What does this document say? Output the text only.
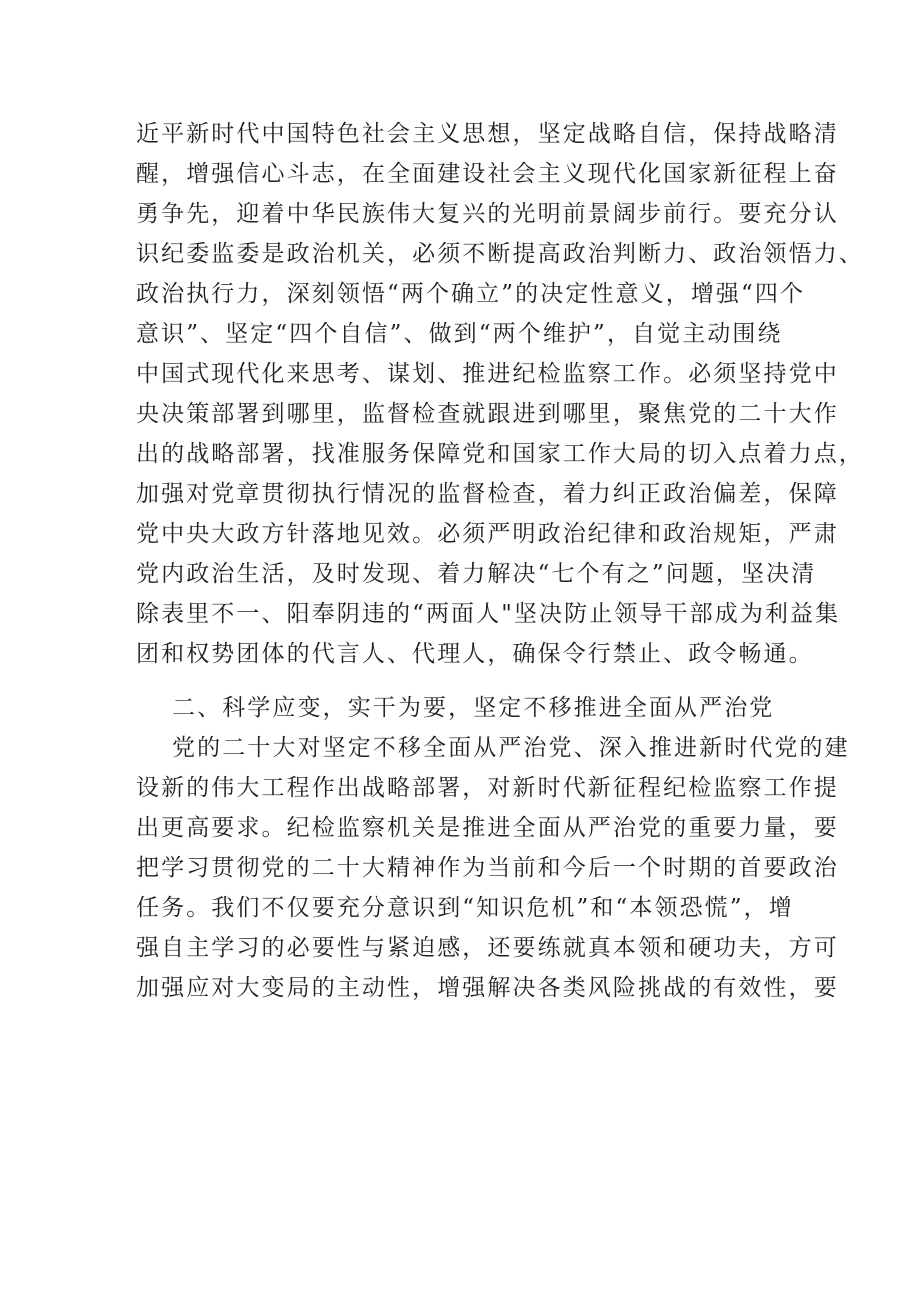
近平新时代中国特色社会主义思想，坚定战略自信，保持战略清
醒，增强信心斗志，在全面建设社会主义现代化国家新征程上奋
勇争先，迎着中华民族伟大复兴的光明前景阔步前行。要充分认
识纪委监委是政治机关，必须不断提高政治判断力、政治领悟力、
政治执行力，深刻领悟“两个确立”的决定性意义，增强“四个
意识”、坚定“四个自信”、做到“两个维护”，自觉主动围绕
中国式现代化来思考、谋划、推进纪检监察工作。必须坚持党中
央决策部署到哪里，监督检查就跟进到哪里，聚焦党的二十大作
出的战略部署，找准服务保障党和国家工作大局的切入点着力点，
加强对党章贯彻执行情况的监督检查，着力纠正政治偏差，保障
党中央大政方针落地见效。必须严明政治纪律和政治规矩，严肃
党内政治生活，及时发现、着力解决“七个有之”问题，坚决清
除表里不一、阳奉阴违的“两面人"坚决防止领导干部成为利益集
团和权势团体的代言人、代理人，确保令行禁止、政令畅通。
二、科学应变，实干为要，坚定不移推进全面从严治党
党的二十大对坚定不移全面从严治党、深入推进新时代党的建
设新的伟大工程作出战略部署，对新时代新征程纪检监察工作提
出更高要求。纪检监察机关是推进全面从严治党的重要力量，要
把学习贯彻党的二十大精神作为当前和今后一个时期的首要政治
任务。我们不仅要充分意识到“知识危机”和“本领恐慌”，增
强自主学习的必要性与紧迫感，还要练就真本领和硬功夫，方可
加强应对大变局的主动性，增强解决各类风险挑战的有效性，要
